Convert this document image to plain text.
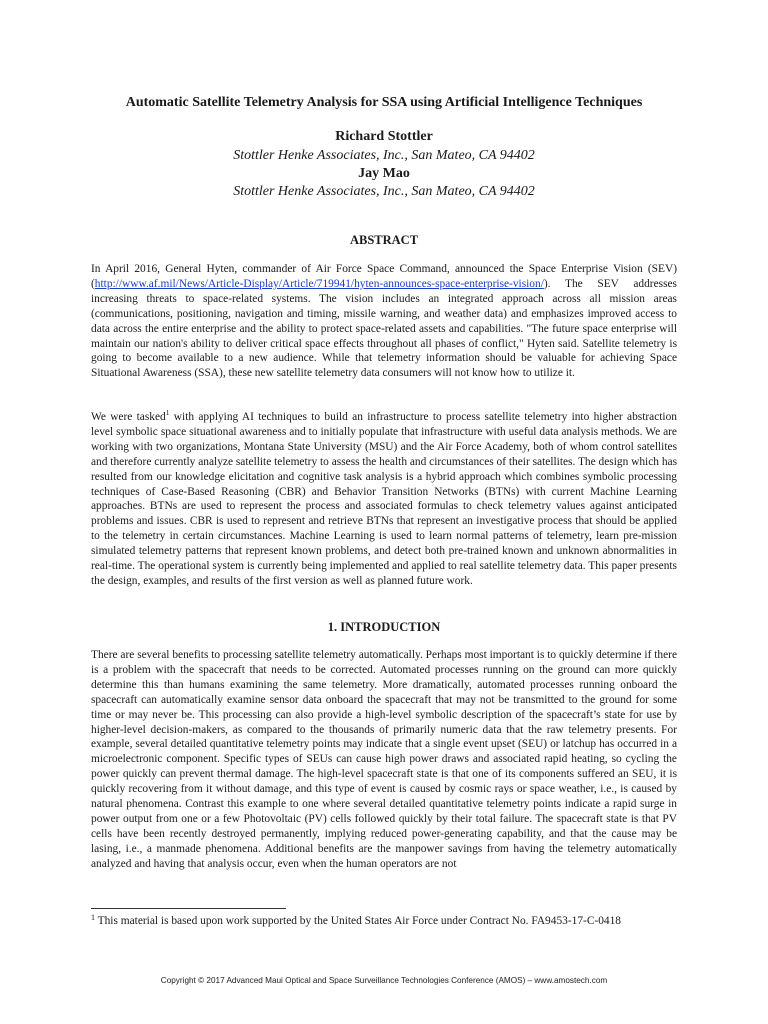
Automatic Satellite Telemetry Analysis for SSA using Artificial Intelligence Techniques
Richard Stottler
Stottler Henke Associates, Inc., San Mateo, CA 94402
Jay Mao
Stottler Henke Associates, Inc., San Mateo, CA 94402
ABSTRACT

In April 2016, General Hyten, commander of Air Force Space Command, announced the Space Enterprise Vision (SEV) (http://www.af.mil/News/Article-Display/Article/719941/hyten-announces-space-enterprise-vision/). The SEV addresses increasing threats to space-related systems. The vision includes an integrated approach across all mission areas (communications, positioning, navigation and timing, missile warning, and weather data) and emphasizes improved access to data across the entire enterprise and the ability to protect space-related assets and capabilities. "The future space enterprise will maintain our nation's ability to deliver critical space effects throughout all phases of conflict," Hyten said. Satellite telemetry is going to become available to a new audience. While that telemetry information should be valuable for achieving Space Situational Awareness (SSA), these new satellite telemetry data consumers will not know how to utilize it.

We were tasked$^1$ with applying AI techniques to build an infrastructure to process satellite telemetry into higher abstraction level symbolic space situational awareness and to initially populate that infrastructure with useful data analysis methods. We are working with two organizations, Montana State University (MSU) and the Air Force Academy, both of whom control satellites and therefore currently analyze satellite telemetry to assess the health and circumstances of their satellites. The design which has resulted from our knowledge elicitation and cognitive task analysis is a hybrid approach which combines symbolic processing techniques of Case-Based Reasoning (CBR) and Behavior Transition Networks (BTNs) with current Machine Learning approaches. BTNs are used to represent the process and associated formulas to check telemetry values against anticipated problems and issues. CBR is used to represent and retrieve BTNs that represent an investigative process that should be applied to the telemetry in certain circumstances. Machine Learning is used to learn normal patterns of telemetry, learn pre-mission simulated telemetry patterns that represent known problems, and detect both pre-trained known and unknown abnormalities in real-time. The operational system is currently being implemented and applied to real satellite telemetry data. This paper presents the design, examples, and results of the first version as well as planned future work.

1. INTRODUCTION

There are several benefits to processing satellite telemetry automatically. Perhaps most important is to quickly determine if there is a problem with the spacecraft that needs to be corrected. Automated processes running on the ground can more quickly determine this than humans examining the same telemetry. More dramatically, automated processes running onboard the spacecraft can automatically examine sensor data onboard the spacecraft that may not be transmitted to the ground for some time or may never be. This processing can also provide a high-level symbolic description of the spacecraft’s state for use by higher-level decision-makers, as compared to the thousands of primarily numeric data that the raw telemetry presents. For example, several detailed quantitative telemetry points may indicate that a single event upset (SEU) or latchup has occurred in a microelectronic component. Specific types of SEUs can cause high power draws and associated rapid heating, so cycling the power quickly can prevent thermal damage. The high-level spacecraft state is that one of its components suffered an SEU, it is quickly recovering from it without damage, and this type of event is caused by cosmic rays or space weather, i.e., is caused by natural phenomena. Contrast this example to one where several detailed quantitative telemetry points indicate a rapid surge in power output from one or a few Photovoltaic (PV) cells followed quickly by their total failure. The spacecraft state is that PV cells have been recently destroyed permanently, implying reduced power-generating capability, and that the cause may be lasing, i.e., a manmade phenomena. Additional benefits are the manpower savings from having the telemetry automatically analyzed and having that analysis occur, even when the human operators are not

$^1$ This material is based upon work supported by the United States Air Force under Contract No. FA9453-17-C-0418
Copyright © 2017 Advanced Maui Optical and Space Surveillance Technologies Conference (AMOS) – www.amostech.com
